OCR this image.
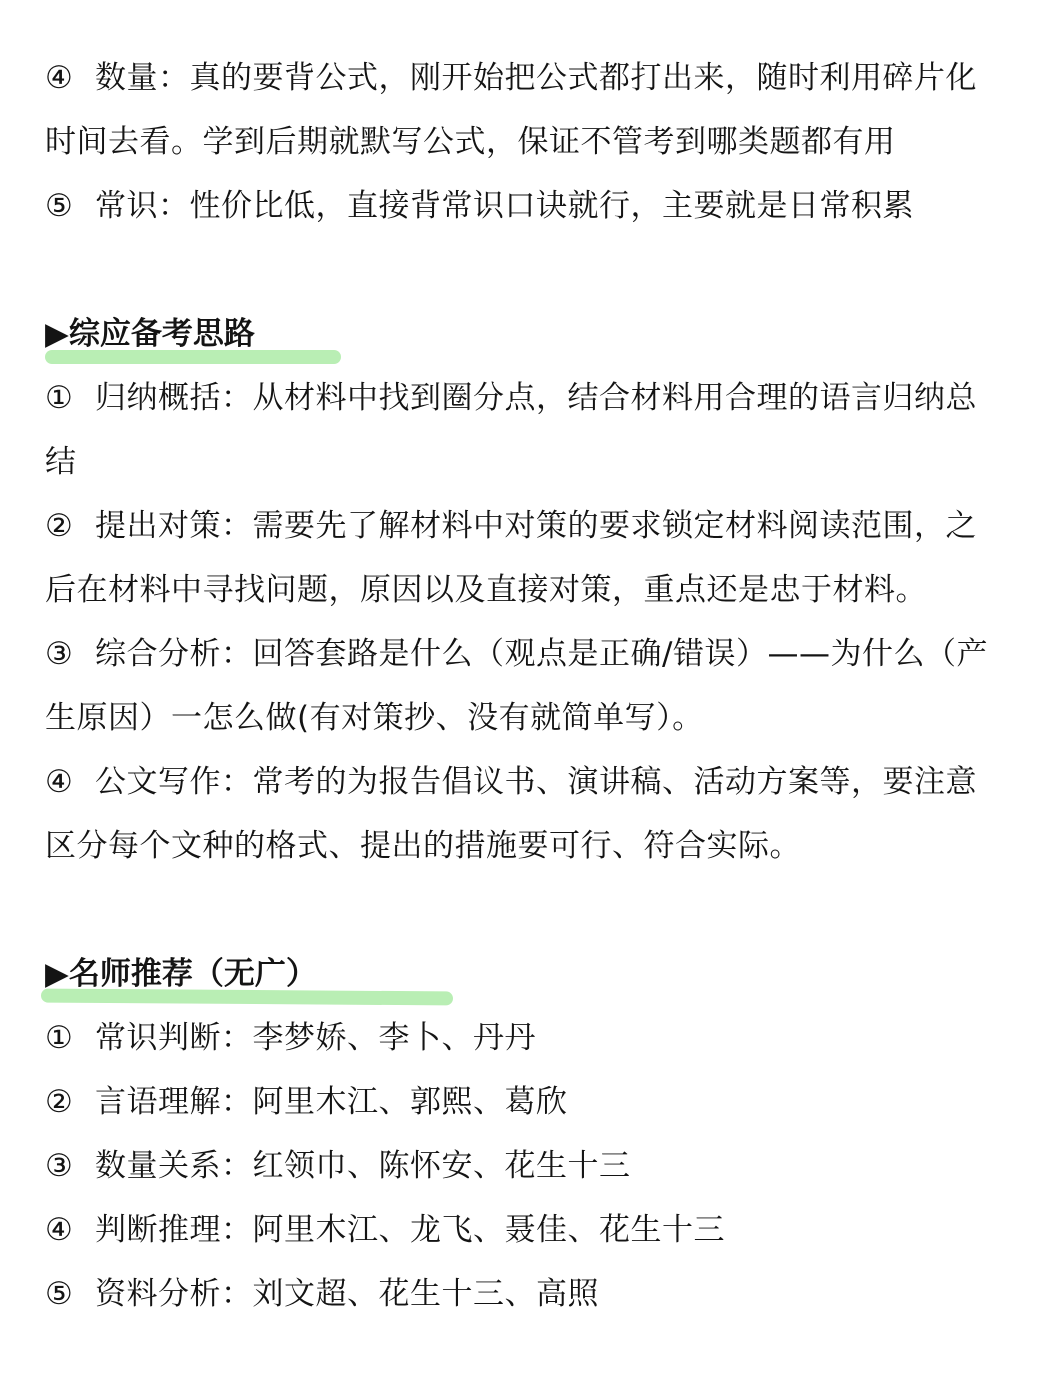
④ 数量：真的要背公式，刚开始把公式都打出来，随时利用碎片化
时间去看。学到后期就默写公式，保证不管考到哪类题都有用
⑤ 常识：性价比低，直接背常识口诀就行，主要就是日常积累
▶综应备考思路
① 归纳概括：从材料中找到圈分点，结合材料用合理的语言归纳总
结
② 提出对策：需要先了解材料中对策的要求锁定材料阅读范围，之
后在材料中寻找问题，原因以及直接对策，重点还是忠于材料。
③ 综合分析：回答套路是什么（观点是正确/错误）——为什么（产
生原因）一怎么做(有对策抄、没有就简单写）。
④ 公文写作：常考的为报告倡议书、演讲稿、活动方案等，要注意
区分每个文种的格式、提出的措施要可行、符合实际。
▶名师推荐（无广）
① 常识判断：李梦娇、李卜、丹丹
② 言语理解：阿里木江、郭熙、葛欣
③ 数量关系：红领巾、陈怀安、花生十三
④ 判断推理：阿里木江、龙飞、聂佳、花生十三
⑤ 资料分析：刘文超、花生十三、高照
